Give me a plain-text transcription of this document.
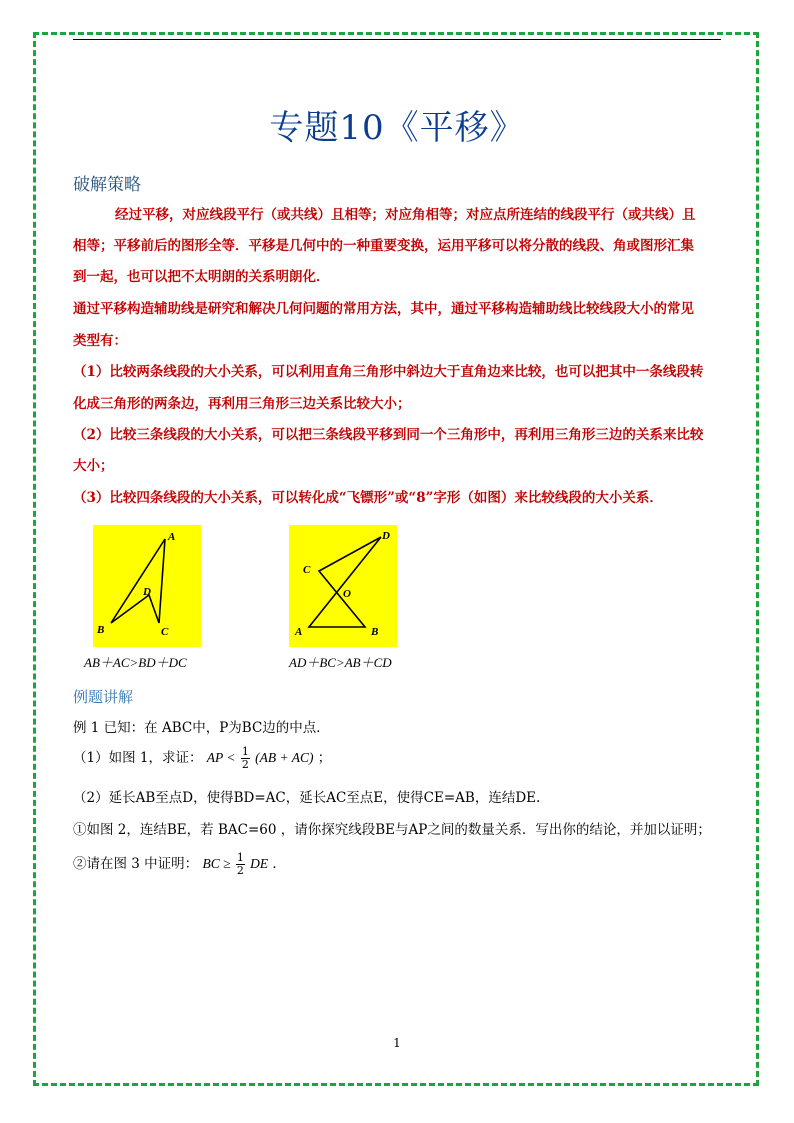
专题10《平移》
破解策略
经过平移，对应线段平行（或共线）且相等；对应角相等；对应点所连结的线段平行（或共线）且
相等；平移前后的图形全等．平移是几何中的一种重要变换，运用平移可以将分散的线段、角或图形汇集
到一起，也可以把不太明朗的关系明朗化．
通过平移构造辅助线是研究和解决几何问题的常用方法，其中，通过平移构造辅助线比较线段大小的常见
类型有：
（1）比较两条线段的大小关系，可以利用直角三角形中斜边大于直角边来比较，也可以把其中一条线段转
化成三角形的两条边，再利用三角形三边关系比较大小；
（2）比较三条线段的大小关系，可以把三条线段平移到同一个三角形中，再利用三角形三边的关系来比较
大小；
（3）比较四条线段的大小关系，可以转化成“飞镖形”或“8”字形（如图）来比较线段的大小关系．
A
D
B	C
AB＋AC>BD＋DC
D
C
O
A	B
AD＋BC>AB＋CD
例题讲解
例 1 已知：在 ABC中，P为BC边的中点．
（1）如图 1，求证： AP < $\frac{1}{2} (AB + AC)$ ；
（2）延长AB至点D，使得BD=AC，延长AC至点E，使得CE=AB，连结DE.
①如图 2，连结BE，若 BAC=60 ，请你探究线段BE与AP之间的数量关系．写出你的结论，并加以证明；
②请在图 3 中证明： BC ≥ $\frac{1}{2}$ DE ．
1
